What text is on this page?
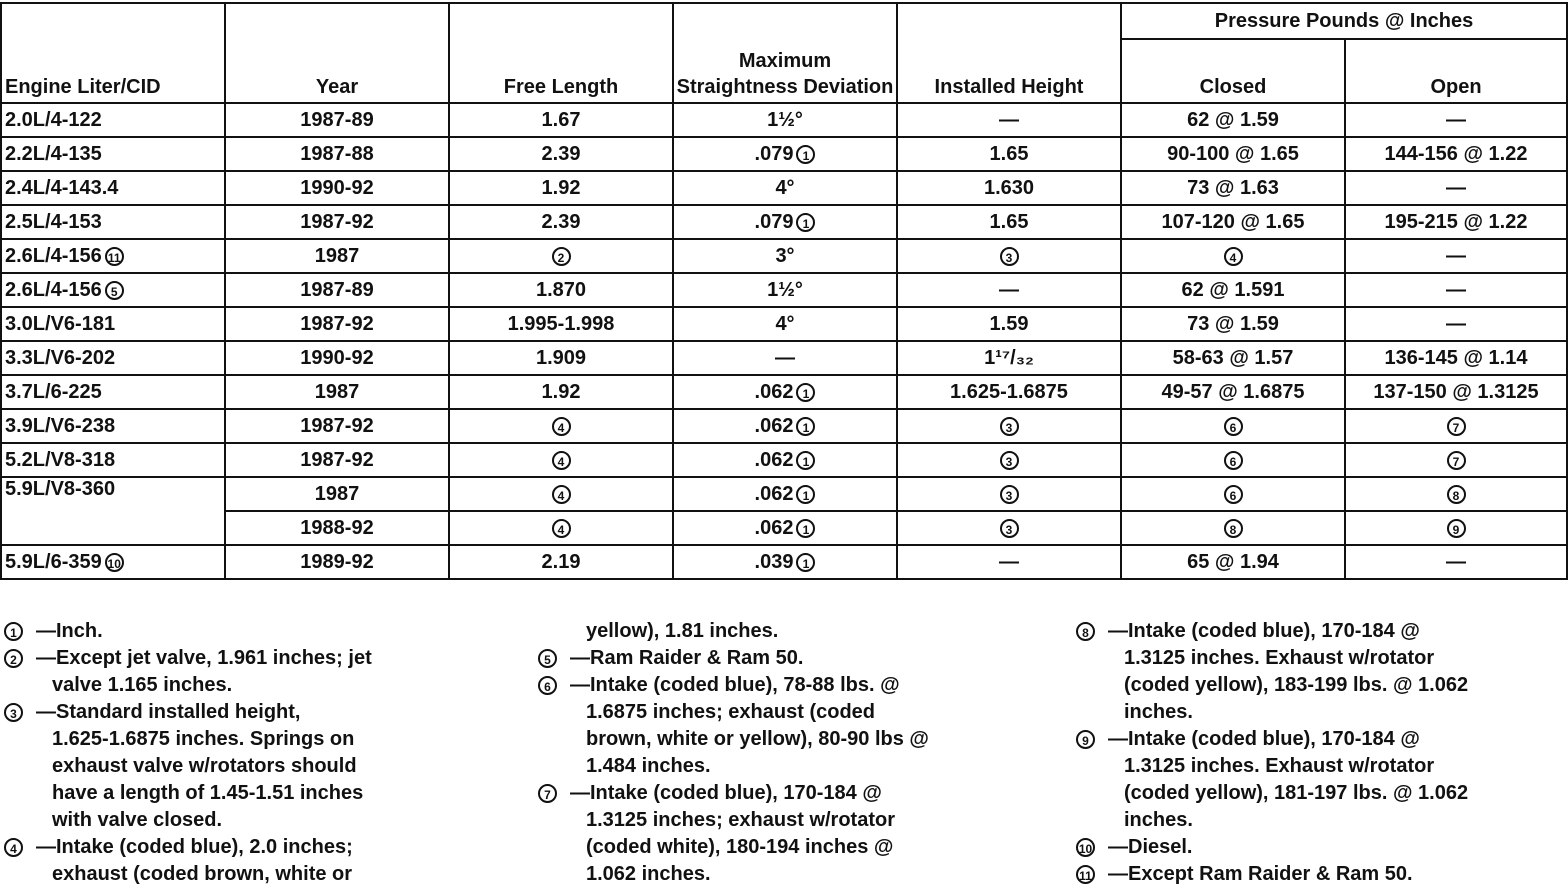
Engine Liter/CID	Year	Free Length	Maximum Straightness Deviation	Installed Height	Pressure Pounds @ Inches	
					Closed	Open
2.0L/4-122	1987-89	1.67	1½°	—	62 @ 1.59	—
2.2L/4-135	1987-88	2.39	.079 1	1.65	90-100 @ 1.65	144-156 @ 1.22
2.4L/4-143.4	1990-92	1.92	4°	1.630	73 @ 1.63	—
2.5L/4-153	1987-92	2.39	.079 1	1.65	107-120 @ 1.65	195-215 @ 1.22
2.6L/4-156 11	1987	2	3°	3	4	—
2.6L/4-156 5	1987-89	1.870	1½°	—	62 @ 1.591	—
3.0L/V6-181	1987-92	1.995-1.998	4°	1.59	73 @ 1.59	—
3.3L/V6-202	1990-92	1.909	—	1¹⁷/₃₂	58-63 @ 1.57	136-145 @ 1.14
3.7L/6-225	1987	1.92	.062 1	1.625-1.6875	49-57 @ 1.6875	137-150 @ 1.3125
3.9L/V6-238	1987-92	4	.062 1	3	6	7
5.2L/V8-318	1987-92	4	.062 1	3	6	7
5.9L/V8-360	1987	4	.062 1	3	6	8
	1988-92	4	.062 1	3	8	9
5.9L/6-359 10	1989-92	2.19	.039 1	—	65 @ 1.94	—
1 —Inch.
2 —Except jet valve, 1.961 inches; jet
valve 1.165 inches.
3 —Standard installed height,
1.625-1.6875 inches. Springs on
exhaust valve w/rotators should
have a length of 1.45-1.51 inches
with valve closed.
4 —Intake (coded blue), 2.0 inches;
exhaust (coded brown, white or
yellow), 1.81 inches.
5 —Ram Raider & Ram 50.
6 —Intake (coded blue), 78-88 lbs. @
1.6875 inches; exhaust (coded
brown, white or yellow), 80-90 lbs @
1.484 inches.
7 —Intake (coded blue), 170-184 @
1.3125 inches; exhaust w/rotator
(coded white), 180-194 inches @
1.062 inches.
8 —Intake (coded blue), 170-184 @
1.3125 inches. Exhaust w/rotator
(coded yellow), 183-199 lbs. @ 1.062
inches.
9 —Intake (coded blue), 170-184 @
1.3125 inches. Exhaust w/rotator
(coded yellow), 181-197 lbs. @ 1.062
inches.
10 —Diesel.
11 —Except Ram Raider & Ram 50.
